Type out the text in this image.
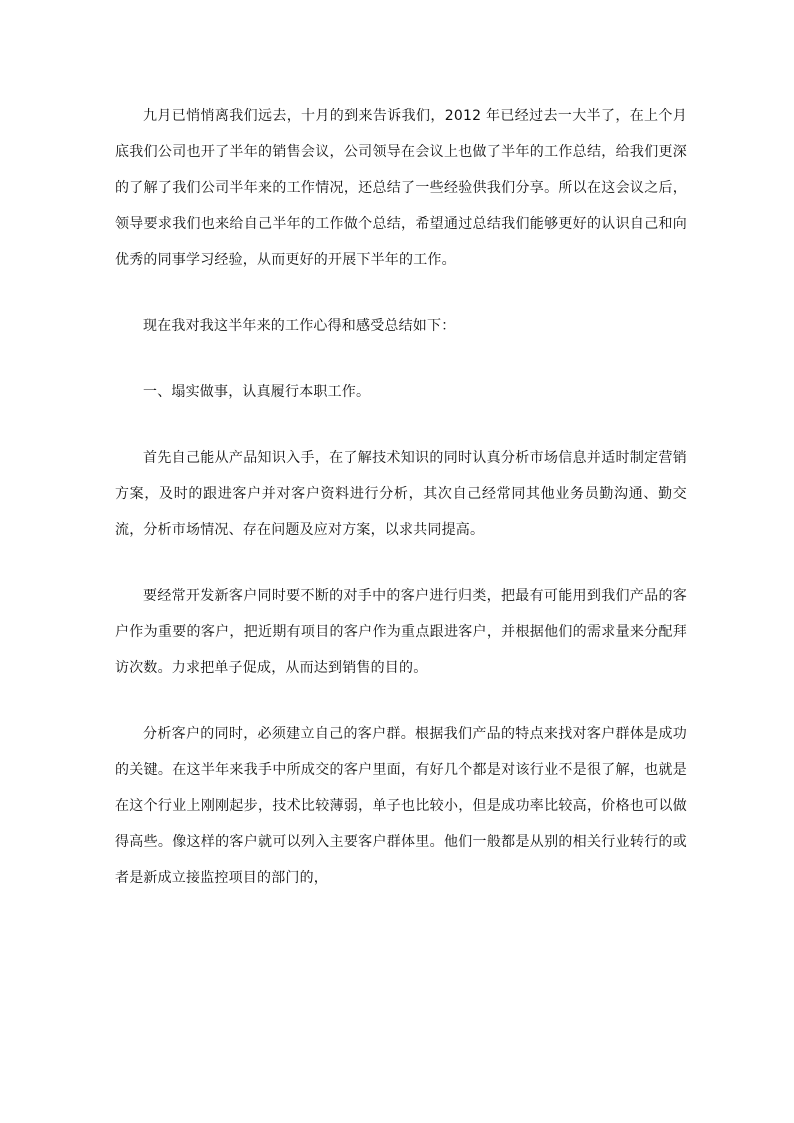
九月已悄悄离我们远去，十月的到来告诉我们，2012 年已经过去一大半了，在上个月底我们公司也开了半年的销售会议，公司领导在会议上也做了半年的工作总结，给我们更深的了解了我们公司半年来的工作情况，还总结了一些经验供我们分享。所以在这会议之后，领导要求我们也来给自己半年的工作做个总结，希望通过总结我们能够更好的认识自己和向优秀的同事学习经验，从而更好的开展下半年的工作。

现在我对我这半年来的工作心得和感受总结如下：

一、塌实做事，认真履行本职工作。

首先自己能从产品知识入手，在了解技术知识的同时认真分析市场信息并适时制定营销方案，及时的跟进客户并对客户资料进行分析，其次自己经常同其他业务员勤沟通、勤交流，分析市场情况、存在问题及应对方案，以求共同提高。

要经常开发新客户同时要不断的对手中的客户进行归类，把最有可能用到我们产品的客户作为重要的客户，把近期有项目的客户作为重点跟进客户，并根据他们的需求量来分配拜访次数。力求把单子促成，从而达到销售的目的。

分析客户的同时，必须建立自己的客户群。根据我们产品的特点来找对客户群体是成功的关键。在这半年来我手中所成交的客户里面，有好几个都是对该行业不是很了解，也就是在这个行业上刚刚起步，技术比较薄弱，单子也比较小，但是成功率比较高，价格也可以做得高些。像这样的客户就可以列入主要客户群体里。他们一般都是从别的相关行业转行的或者是新成立接监控项目的部门的，
